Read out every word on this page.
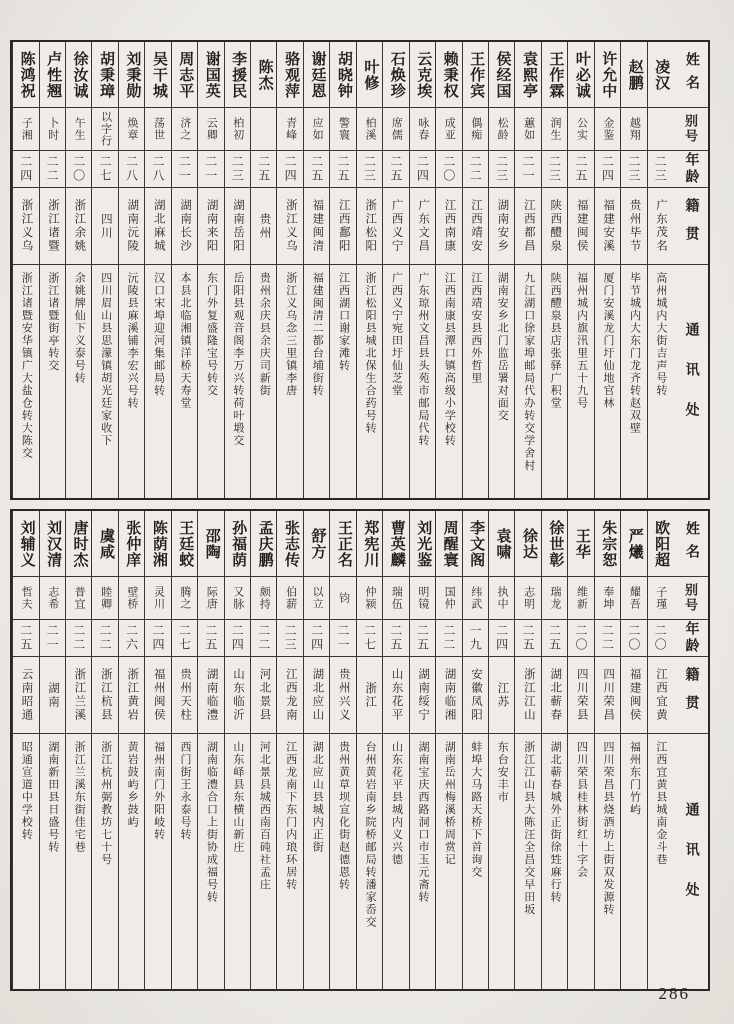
姓名
别号
年龄
籍贯
通讯处
凌汉
二三
广东茂名
高州城内大街吉声号转
赵鹏
越翔
二三
贵州毕节
毕节城内大东门龙齐转赵双壁
许允中
金鉴
二四
福建安溪
厦门安溪龙门圩仙地官林
叶必诚
公实
二五
福建闽侯
福州城内旗汛里五十九号
王作霖
润生
二三
陕西醴泉
陕西醴泉县店张驿广积堂
袁熙亭
蕙如
二一
江西都昌
九江湖口徐家埠邮局代办转交学舍村
侯经国
松龄
二三
湖南安乡
湖南安乡北门监岳署对面交
王作宾
偶痴
二二
江西靖安
江西靖安县西外哲里
赖秉权
成亚
二〇
江西南康
江西南康县潭口镇高级小学校转
云克埃
咏春
二四
广东文昌
广东琼州文昌县头苑市邮局代转
石焕珍
席儒
二五
广西义宁
广西义宁宛田圩仙芝堂
叶修
柏溪
二三
浙江松阳
浙江松阳县城北保生合药号转
胡晓钟
警寰
二五
江西鄱阳
江西湖口谢家滩转
谢廷恩
应如
二五
福建闽清
福建闽清二都台埔街转
骆观萍
青峰
二四
浙江义乌
浙江义乌念三里镇李唐
陈杰
二五
贵州
贵州余庆县余庆司新街
李援民
柏初
二三
湖南岳阳
岳阳县观音阁李万兴转荷叶塅交
谢国英
云卿
二一
湖南来阳
东门外复盛隆宝号转交
周志平
济之
二一
湖南长沙
本县北临湘镇洋桥天寿堂
吴干城
荡世
二八
湖北麻城
汉口宋埠迎河集邮局转
刘秉勋
焕章
二八
湖南沅陵
沅陵县麻溪铺李宏兴号转
胡秉璋
以字行
二七
四川
四川眉山县思濛镇胡光廷家收下
徐汝诚
午生
二〇
浙江余姚
余姚牌仙下义泰号转
卢性翘
卜时
二二
浙江诸暨
浙江诸暨街亭转交
陈鸿祝
子湘
二四
浙江义乌
浙江诸暨安华镇广大盐仓转大陈交
姓名
别号
年龄
籍贯
通讯处
欧阳超
子瑾
二〇
江西宜黄
江西宜黄县城南金斗巷
严爔
耀吾
二〇
福建闽侯
福州东门竹屿
朱宗恕
奉坤
二二
四川荣昌
四川荣昌县烧酒坊上街双发源转
王华
维新
二〇
四川荣县
四川荣县桂林街红十字会
徐世彰
瑞龙
二五
湖北蕲春
湖北蕲春城外正街徐甡麻行转
徐达
志明
二五
浙江江山
浙江江山县大陈汪全昌交早田坂
袁啸
执中
二四
江苏
东台安丰市
李文阁
纬武
一九
安徽凤阳
蚌埠大马路天桥下首询交
周醒寰
国仲
二二
湖南临湘
湖南岳州梅溪桥周赏记
刘光鉴
明镜
二五
湖南绥宁
湖南宝庆西路洞口市玉元斋转
曹英麟
瑞伍
二五
山东花平
山东花平县城内义兴德
郑宪川
仲颍
二七
浙江
台州黄岩南乡院桥邮局转潘家岙交
王正名
钧
二一
贵州兴义
贵州黄草坝宣化街赵德恩转
舒方
以立
二四
湖北应山
湖北应山县城内正街
张志传
伯薪
二三
江西龙南
江西龙南下东门内琅环居转
孟庆鹏
颇持
二二
河北景县
河北景县城西南百砘社孟庄
孙福荫
又脉
二四
山东临沂
山东峄县东横山新庄
邵陶
际唐
二五
湖南临澧
湖南临澧合口上街协成福号转
王廷蛟
腾之
二七
贵州天柱
西门街王永泰号转
陈荫湘
灵川
二四
福州闽侯
福州南门外阳岐转
张仲庠
壁桥
二六
浙江黄岩
黄岩鼓屿乡鼓屿
虞咸
睦卿
二二
浙江杭县
浙江杭州弼教坊七十号
唐时杰
普宜
二二
浙江兰溪
浙江兰溪东街佳宅巷
刘汉清
志希
二一
湖南
湖南新田县日盛号转
刘辅义
哲夫
二五
云南昭通
昭通宣道中学校转
286
